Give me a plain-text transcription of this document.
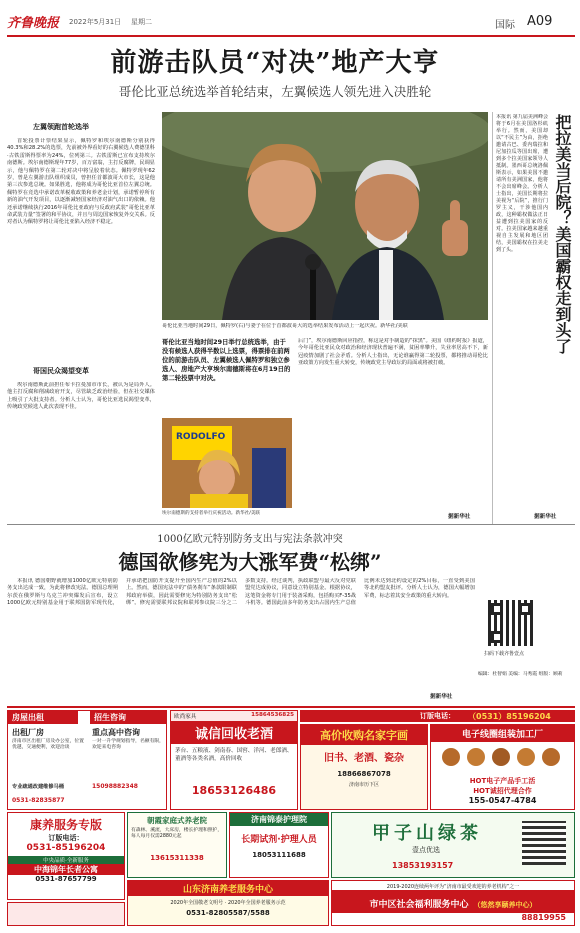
齐鲁晚报 2022年5月31日 星期二	国际 A09
前游击队员“对决”地产大亨
哥伦比亚总统选举首轮结束，左翼候选人领先进入决胜轮
左翼领跑首轮选举
首轮投票计票结果显示，佩特罗和埃尔南德斯分别获得40.3%和28.2%的选票，先前被外界看好的右翼候选人费德里科·古铁雷斯得票率为24%，位列第三。古铁雷斯已宣布支持埃尔南德斯。埃尔南德斯现年77岁，百万富翁，主打反腐牌，民调显示，他与佩特罗在第二轮对决中将呈胶着状态。佩特罗现年62岁，曾是左翼游击队组织成员，曾担任首都波哥大市长，这是他第三次参选总统。如果胜选，他将成为哥伦比亚首位左翼总统。佩特罗在竞选中承诺改革税收政策和养老金计划，承诺暂停所有新的油气开发项目，以逐渐减轻国家经济对油气出口的依赖。他还承诺继续执行2016年哥伦比亚政府与反政府武装“哥伦比亚革命武装力量”签署的和平协议，并且与周边国家恢复外交关系。反对者认为佩特罗将让哥伦比亚陷入经济不稳定。
哥国民众渴望变革
埃尔南德斯此前担任布卡拉曼加市市长，被认为是局外人。他主打反腐和削减政府开支，尽管缺乏政治经验，但在社交媒体上吸引了大批支持者。分析人士认为，哥伦比亚选民渴望变革，传统政党候选人此次表现不佳。
哥伦比亚当地时间29日，佩特罗(右)与妻子在位于首都波哥大的选举结果发布活动上一起庆祝。新华社/美联
哥伦比亚当地时间29日举行总统选举，由于没有候选人获得半数以上选票，得票排在前两位的前游击队员、左翼候选人佩特罗和独立参选人、房地产大亨埃尔南德斯将在6月19日的第二轮投票中对决。
RODOLFO
埃尔南德斯的支持者举行庆祝活动。新华社/美联
后门”，埃尔南德斯回应指控，称这是对手制造的“抹黑”。美国《纽约时报》报道，今年哥伦比亚民众对政治和经济现状普遍不满，贫困率攀升，失业率居高不下，新冠疫情加剧了社会矛盾。分析人士指出，无论谁赢得第二轮投票，都将推动哥伦比亚政策方向发生重大转变，传统政党主导政坛的局面或将被打破。
据新华社
本报讯 第九届美洲峰会将于6月在美国洛杉矶举行。然而，美国却以“不民主”为由，拒绝邀请古巴、委内瑞拉和尼加拉瓜等国出席，遭到多个拉美国家领导人抵制。墨西哥总统洛佩斯表示，如果美国不邀请所有美洲国家，他将不会出席峰会。分析人士指出，美国长期将拉美视为“后院”，推行门罗主义，干涉他国内政，这种霸权做法正日益遭到拉美国家的反对。拉美国家越来越重视自主发展和地区团结，美国霸权在拉美走到了头。	把拉美当后院？美国霸权走到头了
据新华社
1000亿欧元特别防务支出与宪法条款冲突
德国欲修宪为大涨军费“松绑”
本报讯 德国朝野就增加1000亿欧元特别防务支出达成一致，为此将修改宪法。德国总理朔尔茨在俄罗斯与乌克兰冲突爆发后宣布，设立1000亿欧元特别基金用于联邦国防军现代化，并承诺把国防开支提升至国内生产总值的2%以上。然而，德国宪法中的“债务刹车”条款限制联邦政府举债，因此需要修宪为特别防务支出“松绑”。修宪需要联邦议院和联邦参议院三分之二多数支持。经过谈判，执政联盟与最大反对党联盟党达成协议，同意设立特别基金。根据协议，这笔资金将专门用于装备采购，包括购买F-35战斗机等。德国此前多年防务支出占国内生产总值比例未达到北约设定的2%目标，一直受到美国等北约盟友批评。分析人士认为，德国大幅增加军费，标志着其安全政策的重大转向。
据新华社
扫码下载齐鲁壹点
编辑：杜智娟 美编：马秀霞 组版：顾莉
房屋出租
出租厂房
济南市区出租厂房及办公室，位置优越，交通便利，欢迎洽谈
招生咨询
重点高中咨询
一对一升学规划指导，名额有限，欢迎来电咨询
15098882348
专业疏通改建维修马桶
0531-82835877
欧尚家具	15864536825
诚信回收老酒
茅台、五粮液、剑南春、国窖、洋河、老郎酒、董酒等各类名酒，高价回收
18653126486
订版电话： （0531）85196204
高价收购名家字画
旧书、老酒、瓷杂
18866867078
济南市历下区
电子线圈组装加工厂
HOT电子产品手工活
HOT诚招代理合作
155-0547-4784
康养服务专版
订版电话：
0531-85196204
中央品质·全新服务
中海锦年长者公寓
0531-87657799
朝霞家庭式养老院
有森林、溪流，大床房，楼长护理和照护，每人每月仅需2880元起
13615311338
济南锦泰护理院
长期试剂·护理人员
18053111688
甲子山绿茶
壹点优选
13853193157
山东济南养老服务中心
2020年全国敬老文明号 · 2020年全国养老服务示范
0531-82805587/5588
2019-2020连续两年评为“济南市最受欢迎的养老机构”之一
市中区社会福利服务中心 （悠然享颐养中心）
88819955
